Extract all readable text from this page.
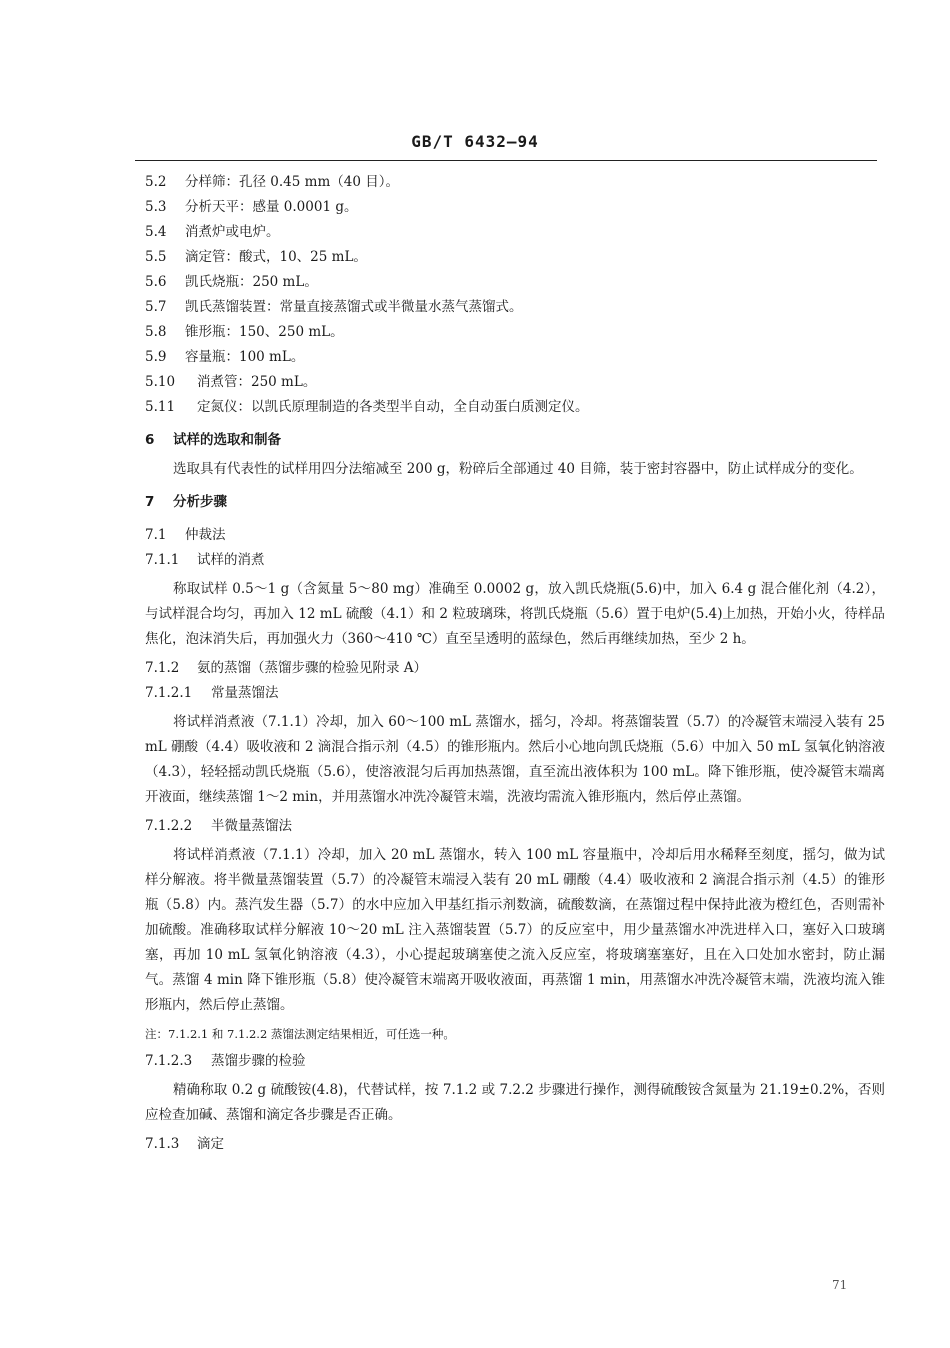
GB/T 6432—94
5.2	分样筛：孔径 0.45 mm（40 目）。
5.3	分析天平：感量 0.0001 g。
5.4	消煮炉或电炉。
5.5	滴定管：酸式，10、25 mL。
5.6	凯氏烧瓶：250 mL。
5.7	凯氏蒸馏装置：常量直接蒸馏式或半微量水蒸气蒸馏式。
5.8	锥形瓶：150、250 mL。
5.9	容量瓶：100 mL。
5.10	消煮管：250 mL。
5.11	定氮仪：以凯氏原理制造的各类型半自动，全自动蛋白质测定仪。
6	试样的选取和制备
选取具有代表性的试样用四分法缩减至 200 g，粉碎后全部通过 40 目筛，装于密封容器中，防止试样成分的变化。
7	分析步骤
7.1	仲裁法
7.1.1	试样的消煮
称取试样 0.5～1 g（含氮量 5～80 mg）准确至 0.0002 g，放入凯氏烧瓶(5.6)中，加入 6.4 g 混合催化剂（4.2），与试样混合均匀，再加入 12 mL 硫酸（4.1）和 2 粒玻璃珠，将凯氏烧瓶（5.6）置于电炉(5.4)上加热，开始小火，待样品焦化，泡沫消失后，再加强火力（360～410 ℃）直至呈透明的蓝绿色，然后再继续加热，至少 2 h。
7.1.2	氨的蒸馏（蒸馏步骤的检验见附录 A）
7.1.2.1	常量蒸馏法
将试样消煮液（7.1.1）冷却，加入 60～100 mL 蒸馏水，摇匀，冷却。将蒸馏装置（5.7）的冷凝管末端浸入装有 25 mL 硼酸（4.4）吸收液和 2 滴混合指示剂（4.5）的锥形瓶内。然后小心地向凯氏烧瓶（5.6）中加入 50 mL 氢氧化钠溶液（4.3），轻轻摇动凯氏烧瓶（5.6），使溶液混匀后再加热蒸馏，直至流出液体积为 100 mL。降下锥形瓶，使冷凝管末端离开液面，继续蒸馏 1～2 min，并用蒸馏水冲洗冷凝管末端，洗液均需流入锥形瓶内，然后停止蒸馏。
7.1.2.2	半微量蒸馏法
将试样消煮液（7.1.1）冷却，加入 20 mL 蒸馏水，转入 100 mL 容量瓶中，冷却后用水稀释至刻度，摇匀，做为试样分解液。将半微量蒸馏装置（5.7）的冷凝管末端浸入装有 20 mL 硼酸（4.4）吸收液和 2 滴混合指示剂（4.5）的锥形瓶（5.8）内。蒸汽发生器（5.7）的水中应加入甲基红指示剂数滴，硫酸数滴，在蒸馏过程中保持此液为橙红色，否则需补加硫酸。准确移取试样分解液 10～20 mL 注入蒸馏装置（5.7）的反应室中，用少量蒸馏水冲洗进样入口，塞好入口玻璃塞，再加 10 mL 氢氧化钠溶液（4.3），小心提起玻璃塞使之流入反应室，将玻璃塞塞好，且在入口处加水密封，防止漏气。蒸馏 4 min 降下锥形瓶（5.8）使冷凝管末端离开吸收液面，再蒸馏 1 min，用蒸馏水冲洗冷凝管末端，洗液均流入锥形瓶内，然后停止蒸馏。
注：7.1.2.1 和 7.1.2.2 蒸馏法测定结果相近，可任选一种。
7.1.2.3	蒸馏步骤的检验
精确称取 0.2 g 硫酸铵(4.8)，代替试样，按 7.1.2 或 7.2.2 步骤进行操作，测得硫酸铵含氮量为 21.19±0.2%，否则应检查加碱、蒸馏和滴定各步骤是否正确。
7.1.3	滴定
71
